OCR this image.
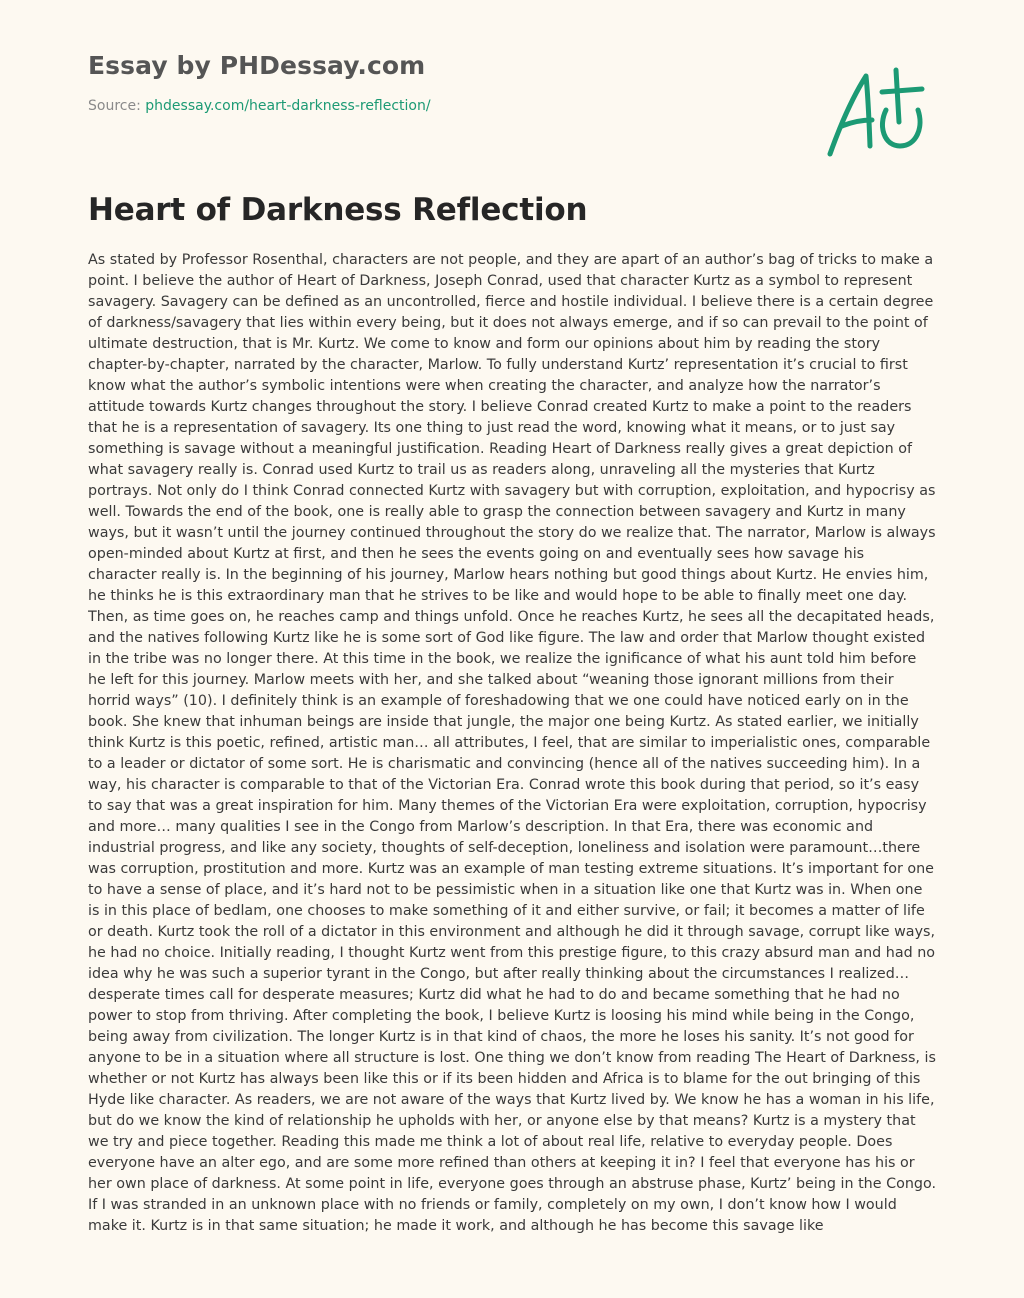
Essay by PHDessay.com
Source: phdessay.com/heart-darkness-reflection/
Heart of Darkness Reflection

As stated by Professor Rosenthal, characters are not people, and they are apart of an author’s bag of tricks to make a point. I believe the author of Heart of Darkness, Joseph Conrad, used that character Kurtz as a symbol to represent savagery. Savagery can be defined as an uncontrolled, fierce and hostile individual. I believe there is a certain degree of darkness/savagery that lies within every being, but it does not always emerge, and if so can prevail to the point of ultimate destruction, that is Mr. Kurtz. We come to know and form our opinions about him by reading the story chapter-by-chapter, narrated by the character, Marlow. To fully understand Kurtz’ representation it’s crucial to first know what the author’s symbolic intentions were when creating the character, and analyze how the narrator’s attitude towards Kurtz changes throughout the story. I believe Conrad created Kurtz to make a point to the readers that he is a representation of savagery. Its one thing to just read the word, knowing what it means, or to just say something is savage without a meaningful justification. Reading Heart of Darkness really gives a great depiction of what savagery really is. Conrad used Kurtz to trail us as readers along, unraveling all the mysteries that Kurtz portrays. Not only do I think Conrad connected Kurtz with savagery but with corruption, exploitation, and hypocrisy as well. Towards the end of the book, one is really able to grasp the connection between savagery and Kurtz in many ways, but it wasn’t until the journey continued throughout the story do we realize that. The narrator, Marlow is always open-minded about Kurtz at first, and then he sees the events going on and eventually sees how savage his character really is. In the beginning of his journey, Marlow hears nothing but good things about Kurtz. He envies him, he thinks he is this extraordinary man that he strives to be like and would hope to be able to finally meet one day. Then, as time goes on, he reaches camp and things unfold. Once he reaches Kurtz, he sees all the decapitated heads, and the natives following Kurtz like he is some sort of God like figure. The law and order that Marlow thought existed in the tribe was no longer there. At this time in the book, we realize the ignificance of what his aunt told him before he left for this journey. Marlow meets with her, and she talked about “weaning those ignorant millions from their horrid ways” (10). I definitely think is an example of foreshadowing that we one could have noticed early on in the book. She knew that inhuman beings are inside that jungle, the major one being Kurtz. As stated earlier, we initially think Kurtz is this poetic, refined, artistic man… all attributes, I feel, that are similar to imperialistic ones, comparable to a leader or dictator of some sort. He is charismatic and convincing (hence all of the natives succeeding him). In a way, his character is comparable to that of the Victorian Era. Conrad wrote this book during that period, so it’s easy to say that was a great inspiration for him. Many themes of the Victorian Era were exploitation, corruption, hypocrisy and more… many qualities I see in the Congo from Marlow’s description. In that Era, there was economic and industrial progress, and like any society, thoughts of self-deception, loneliness and isolation were paramount…there was corruption, prostitution and more. Kurtz was an example of man testing extreme situations. It’s important for one to have a sense of place, and it’s hard not to be pessimistic when in a situation like one that Kurtz was in. When one is in this place of bedlam, one chooses to make something of it and either survive, or fail; it becomes a matter of life or death. Kurtz took the roll of a dictator in this environment and although he did it through savage, corrupt like ways, he had no choice. Initially reading, I thought Kurtz went from this prestige figure, to this crazy absurd man and had no idea why he was such a superior tyrant in the Congo, but after really thinking about the circumstances I realized… desperate times call for desperate measures; Kurtz did what he had to do and became something that he had no power to stop from thriving. After completing the book, I believe Kurtz is loosing his mind while being in the Congo, being away from civilization. The longer Kurtz is in that kind of chaos, the more he loses his sanity. It’s not good for anyone to be in a situation where all structure is lost. One thing we don’t know from reading The Heart of Darkness, is whether or not Kurtz has always been like this or if its been hidden and Africa is to blame for the out bringing of this Hyde like character. As readers, we are not aware of the ways that Kurtz lived by. We know he has a woman in his life, but do we know the kind of relationship he upholds with her, or anyone else by that means? Kurtz is a mystery that we try and piece together. Reading this made me think a lot of about real life, relative to everyday people. Does everyone have an alter ego, and are some more refined than others at keeping it in? I feel that everyone has his or her own place of darkness. At some point in life, everyone goes through an abstruse phase, Kurtz’ being in the Congo. If I was stranded in an unknown place with no friends or family, completely on my own, I don’t know how I would make it. Kurtz is in that same situation; he made it work, and although he has become this savage like
